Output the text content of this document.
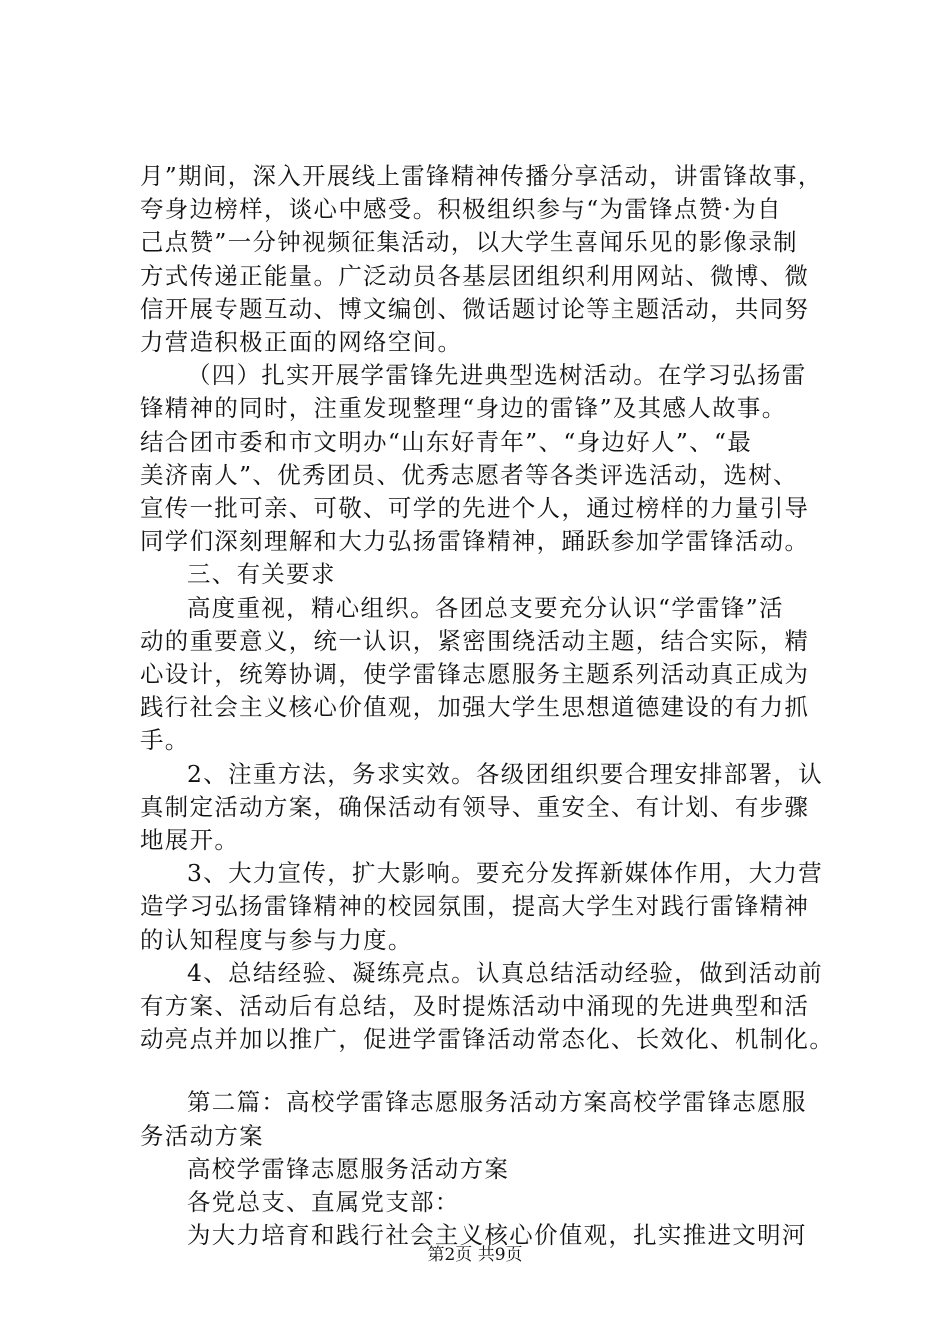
月”期间，深入开展线上雷锋精神传播分享活动，讲雷锋故事，
夸身边榜样，谈心中感受。积极组织参与“为雷锋点赞·为自
己点赞”一分钟视频征集活动，以大学生喜闻乐见的影像录制
方式传递正能量。广泛动员各基层团组织利用网站、微博、微
信开展专题互动、博文编创、微话题讨论等主题活动，共同努
力营造积极正面的网络空间。
（四）扎实开展学雷锋先进典型选树活动。在学习弘扬雷
锋精神的同时，注重发现整理“身边的雷锋”及其感人故事。
结合团市委和市文明办“山东好青年”、“身边好人”、“最
美济南人”、优秀团员、优秀志愿者等各类评选活动，选树、
宣传一批可亲、可敬、可学的先进个人，通过榜样的力量引导
同学们深刻理解和大力弘扬雷锋精神，踊跃参加学雷锋活动。
三、有关要求
高度重视，精心组织。各团总支要充分认识“学雷锋”活
动的重要意义，统一认识，紧密围绕活动主题，结合实际，精
心设计，统筹协调，使学雷锋志愿服务主题系列活动真正成为
践行社会主义核心价值观，加强大学生思想道德建设的有力抓
手。
2、注重方法，务求实效。各级团组织要合理安排部署，认
真制定活动方案，确保活动有领导、重安全、有计划、有步骤
地展开。
3、大力宣传，扩大影响。要充分发挥新媒体作用，大力营
造学习弘扬雷锋精神的校园氛围，提高大学生对践行雷锋精神
的认知程度与参与力度。
4、总结经验、凝练亮点。认真总结活动经验，做到活动前
有方案、活动后有总结，及时提炼活动中涌现的先进典型和活
动亮点并加以推广，促进学雷锋活动常态化、长效化、机制化。
第二篇：高校学雷锋志愿服务活动方案高校学雷锋志愿服
务活动方案
高校学雷锋志愿服务活动方案
各党总支、直属党支部：
为大力培育和践行社会主义核心价值观，扎实推进文明河
第2页 共9页
